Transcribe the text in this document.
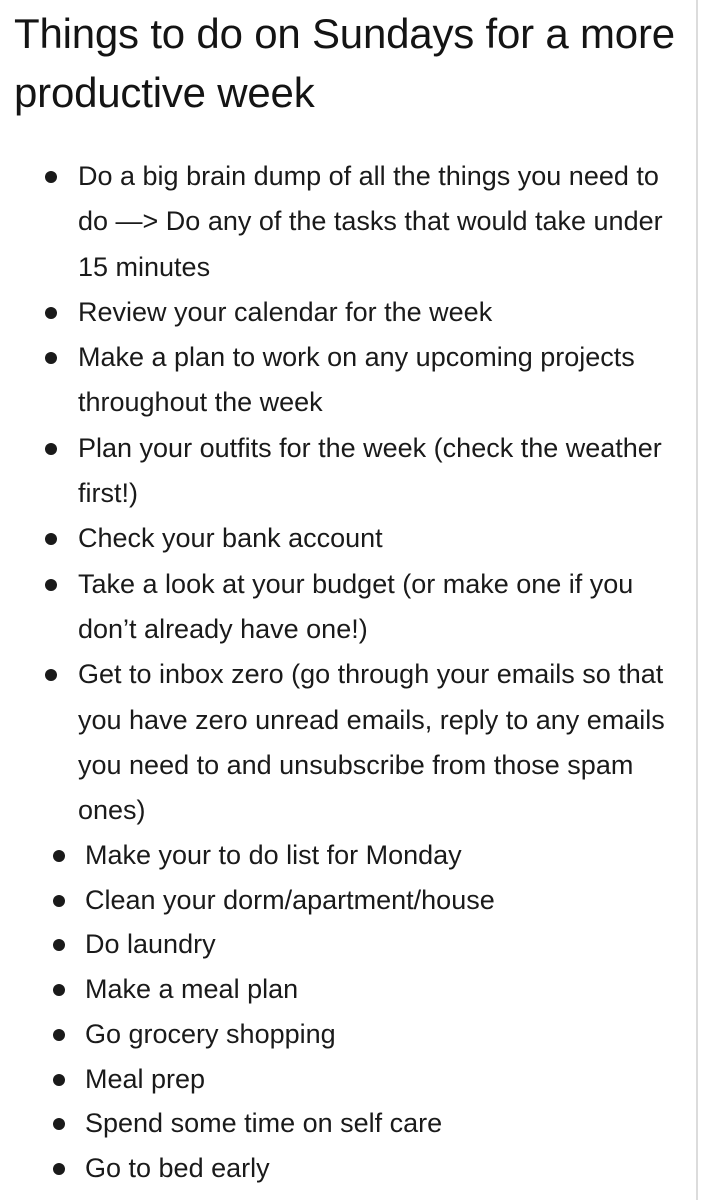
Things to do on Sundays for a more productive week
Do a big brain dump of all the things you need to do —> Do any of the tasks that would take under 15 minutes
Review your calendar for the week
Make a plan to work on any upcoming projects throughout the week
Plan your outfits for the week (check the weather first!)
Check your bank account
Take a look at your budget (or make one if you don’t already have one!)
Get to inbox zero (go through your emails so that you have zero unread emails, reply to any emails you need to and unsubscribe from those spam ones)
Make your to do list for Monday
Clean your dorm/apartment/house
Do laundry
Make a meal plan
Go grocery shopping
Meal prep
Spend some time on self care
Go to bed early
